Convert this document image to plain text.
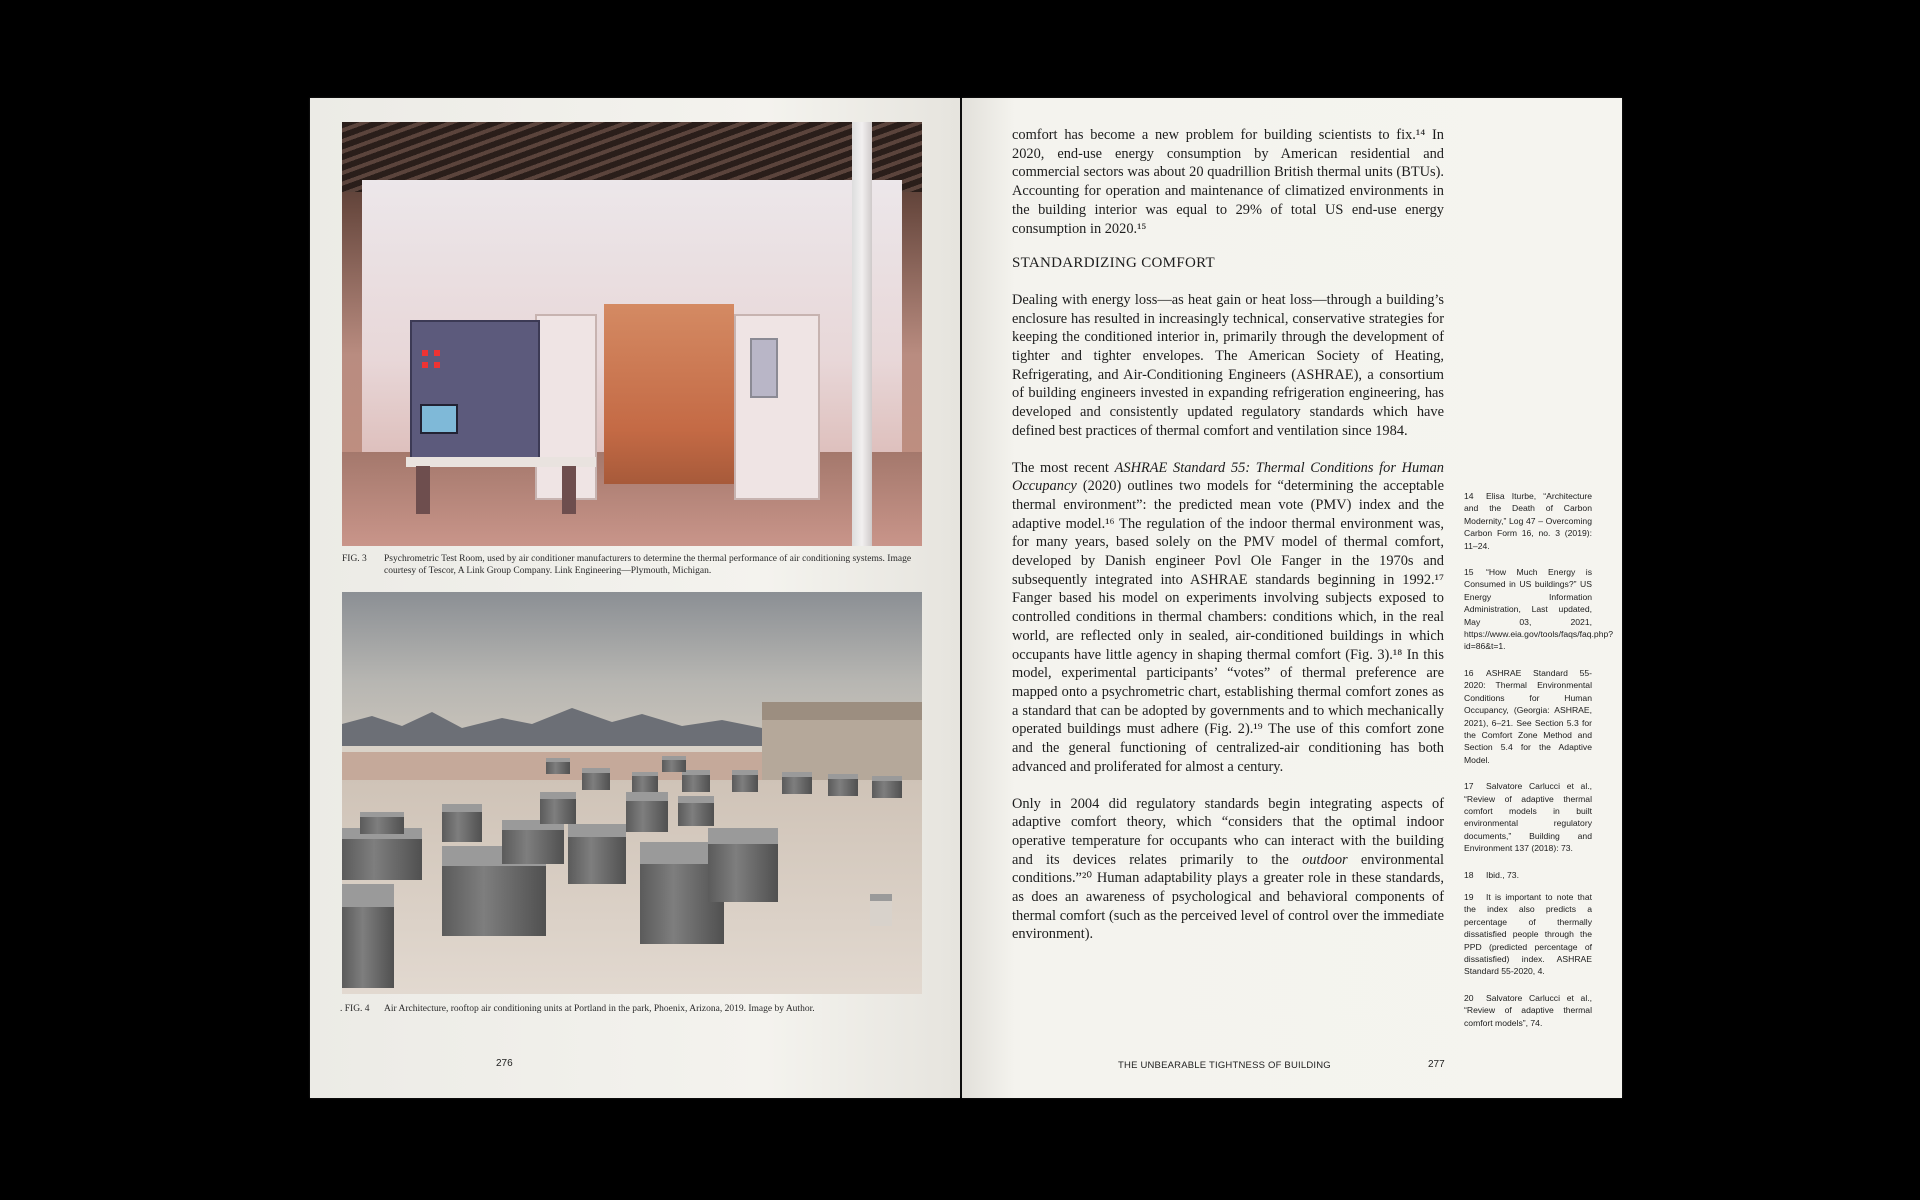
FIG. 3 Psychrometric Test Room, used by air conditioner manufacturers to determine the thermal performance of air conditioning systems. Image courtesy of Tescor, A Link Group Company. Link Engineering—Plymouth, Michigan.
. FIG. 4 Air Architecture, rooftop air conditioning units at Portland in the park, Phoenix, Arizona, 2019. Image by Author.
276

comfort has become a new problem for building scientists to fix.¹⁴ In 2020, end-use energy consumption by American residential and commercial sectors was about 20 quadrillion British thermal units (BTUs). Accounting for operation and maintenance of climatized environments in the building interior was equal to 29% of total US end-use energy consumption in 2020.¹⁵

STANDARDIZING COMFORT

Dealing with energy loss—as heat gain or heat loss—through a building’s enclosure has resulted in increasingly technical, conservative strategies for keeping the conditioned interior in, primarily through the development of tighter and tighter envelopes. The American Society of Heating, Refrigerating, and Air-Conditioning Engineers (ASHRAE), a consortium of building engineers invested in expanding refrigeration engineering, has developed and consistently updated regulatory standards which have defined best practices of thermal comfort and ventilation since 1984.

The most recent ASHRAE Standard 55: Thermal Conditions for Human Occupancy (2020) outlines two models for “determining the acceptable thermal environment”: the predicted mean vote (PMV) index and the adaptive model.¹⁶ The regulation of the indoor thermal environment was, for many years, based solely on the PMV model of thermal comfort, developed by Danish engineer Povl Ole Fanger in the 1970s and subsequently integrated into ASHRAE standards beginning in 1992.¹⁷ Fanger based his model on experiments involving subjects exposed to controlled conditions in thermal chambers: conditions which, in the real world, are reflected only in sealed, air-conditioned buildings in which occupants have little agency in shaping thermal comfort (Fig. 3).¹⁸ In this model, experimental participants’ “votes” of thermal preference are mapped onto a psychrometric chart, establishing thermal comfort zones as a standard that can be adopted by governments and to which mechanically operated buildings must adhere (Fig. 2).¹⁹ The use of this comfort zone and the general functioning of centralized-air conditioning has both advanced and proliferated for almost a century.

Only in 2004 did regulatory standards begin integrating aspects of adaptive comfort theory, which “considers that the optimal indoor operative temperature for occupants who can interact with the building and its devices relates primarily to the outdoor environmental conditions.”²⁰ Human adaptability plays a greater role in these standards, as does an awareness of psychological and behavioral components of thermal comfort (such as the perceived level of control over the immediate environment).

14 Elisa Iturbe, “Architecture and the Death of Carbon Modernity,” Log 47 – Overcoming Carbon Form 16, no. 3 (2019): 11–24.
15 “How Much Energy is Consumed in US buildings?” US Energy Information Administration, Last updated, May 03, 2021, https://www.eia.gov/tools/faqs/faq.php?id=86&t=1.
16 ASHRAE Standard 55-2020: Thermal Environmental Conditions for Human Occupancy, (Georgia: ASHRAE, 2021), 6–21. See Section 5.3 for the Comfort Zone Method and Section 5.4 for the Adaptive Model.
17 Salvatore Carlucci et al., “Review of adaptive thermal comfort models in built environmental regulatory documents,” Building and Environment 137 (2018): 73.
18 Ibid., 73.
19 It is important to note that the index also predicts a percentage of thermally dissatisfied people through the PPD (predicted percentage of dissatisfied) index. ASHRAE Standard 55-2020, 4.
20 Salvatore Carlucci et al., “Review of adaptive thermal comfort models”, 74.
THE UNBEARABLE TIGHTNESS OF BUILDING	277
